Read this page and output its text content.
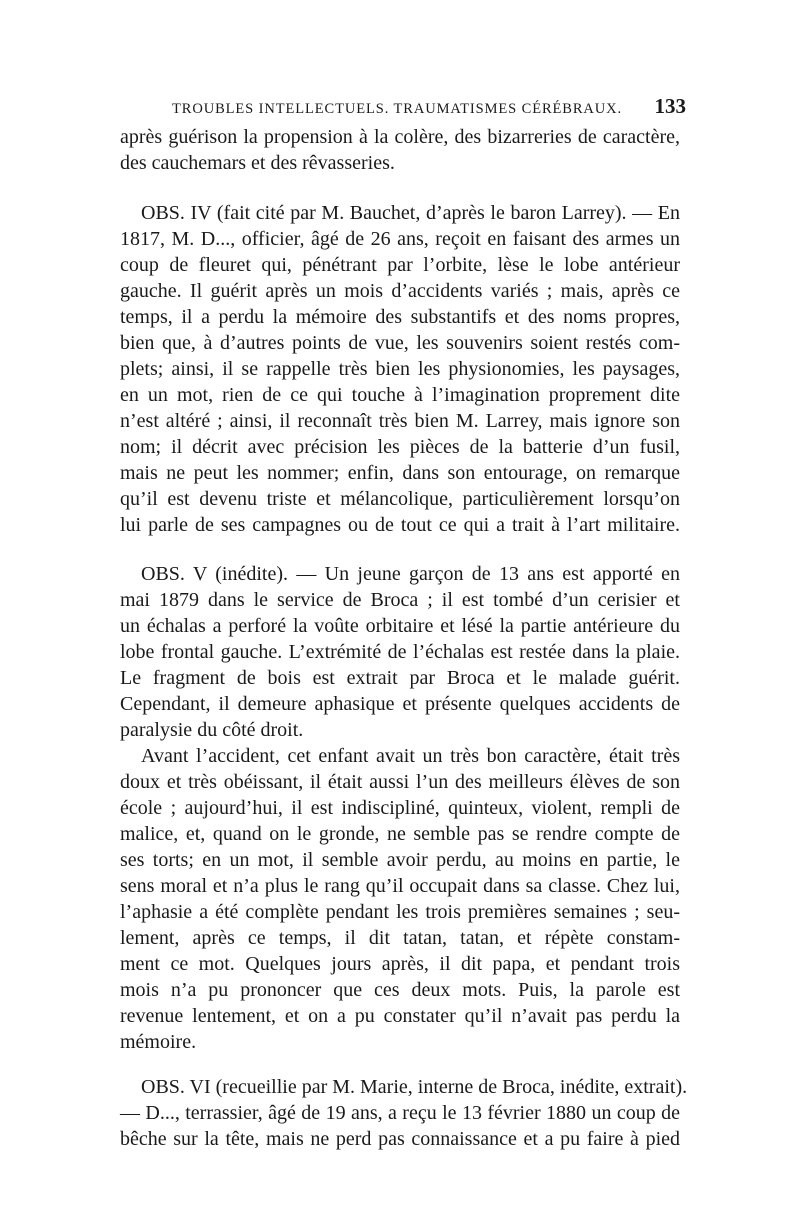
TROUBLES INTELLECTUELS. TRAUMATISMES CÉRÉBRAUX. 133

après guérison la propension à la colère, des bizarreries de caractère,

des cauchemars et des rêvasseries.

OBS. IV (fait cité par M. Bauchet, d’après le baron Larrey). — En

1817, M. D..., officier, âgé de 26 ans, reçoit en faisant des armes un

coup de fleuret qui, pénétrant par l’orbite, lèse le lobe antérieur

gauche. Il guérit après un mois d’accidents variés ; mais, après ce

temps, il a perdu la mémoire des substantifs et des noms propres,

bien que, à d’autres points de vue, les souvenirs soient restés com-

plets; ainsi, il se rappelle très bien les physionomies, les paysages,

en un mot, rien de ce qui touche à l’imagination proprement dite

n’est altéré ; ainsi, il reconnaît très bien M. Larrey, mais ignore son

nom; il décrit avec précision les pièces de la batterie d’un fusil,

mais ne peut les nommer; enfin, dans son entourage, on remarque

qu’il est devenu triste et mélancolique, particulièrement lorsqu’on

lui parle de ses campagnes ou de tout ce qui a trait à l’art militaire.

OBS. V (inédite). — Un jeune garçon de 13 ans est apporté en

mai 1879 dans le service de Broca ; il est tombé d’un cerisier et

un échalas a perforé la voûte orbitaire et lésé la partie antérieure du

lobe frontal gauche. L’extrémité de l’échalas est restée dans la plaie.

Le fragment de bois est extrait par Broca et le malade guérit.

Cependant, il demeure aphasique et présente quelques accidents de

paralysie du côté droit.

Avant l’accident, cet enfant avait un très bon caractère, était très

doux et très obéissant, il était aussi l’un des meilleurs élèves de son

école ; aujourd’hui, il est indiscipliné, quinteux, violent, rempli de

malice, et, quand on le gronde, ne semble pas se rendre compte de

ses torts; en un mot, il semble avoir perdu, au moins en partie, le

sens moral et n’a plus le rang qu’il occupait dans sa classe. Chez lui,

l’aphasie a été complète pendant les trois premières semaines ; seu-

lement, après ce temps, il dit tatan, tatan, et répète constam-

ment ce mot. Quelques jours après, il dit papa, et pendant trois

mois n’a pu prononcer que ces deux mots. Puis, la parole est

revenue lentement, et on a pu constater qu’il n’avait pas perdu la

mémoire.

OBS. VI (recueillie par M. Marie, interne de Broca, inédite, extrait).

— D..., terrassier, âgé de 19 ans, a reçu le 13 février 1880 un coup de

bêche sur la tête, mais ne perd pas connaissance et a pu faire à pied
